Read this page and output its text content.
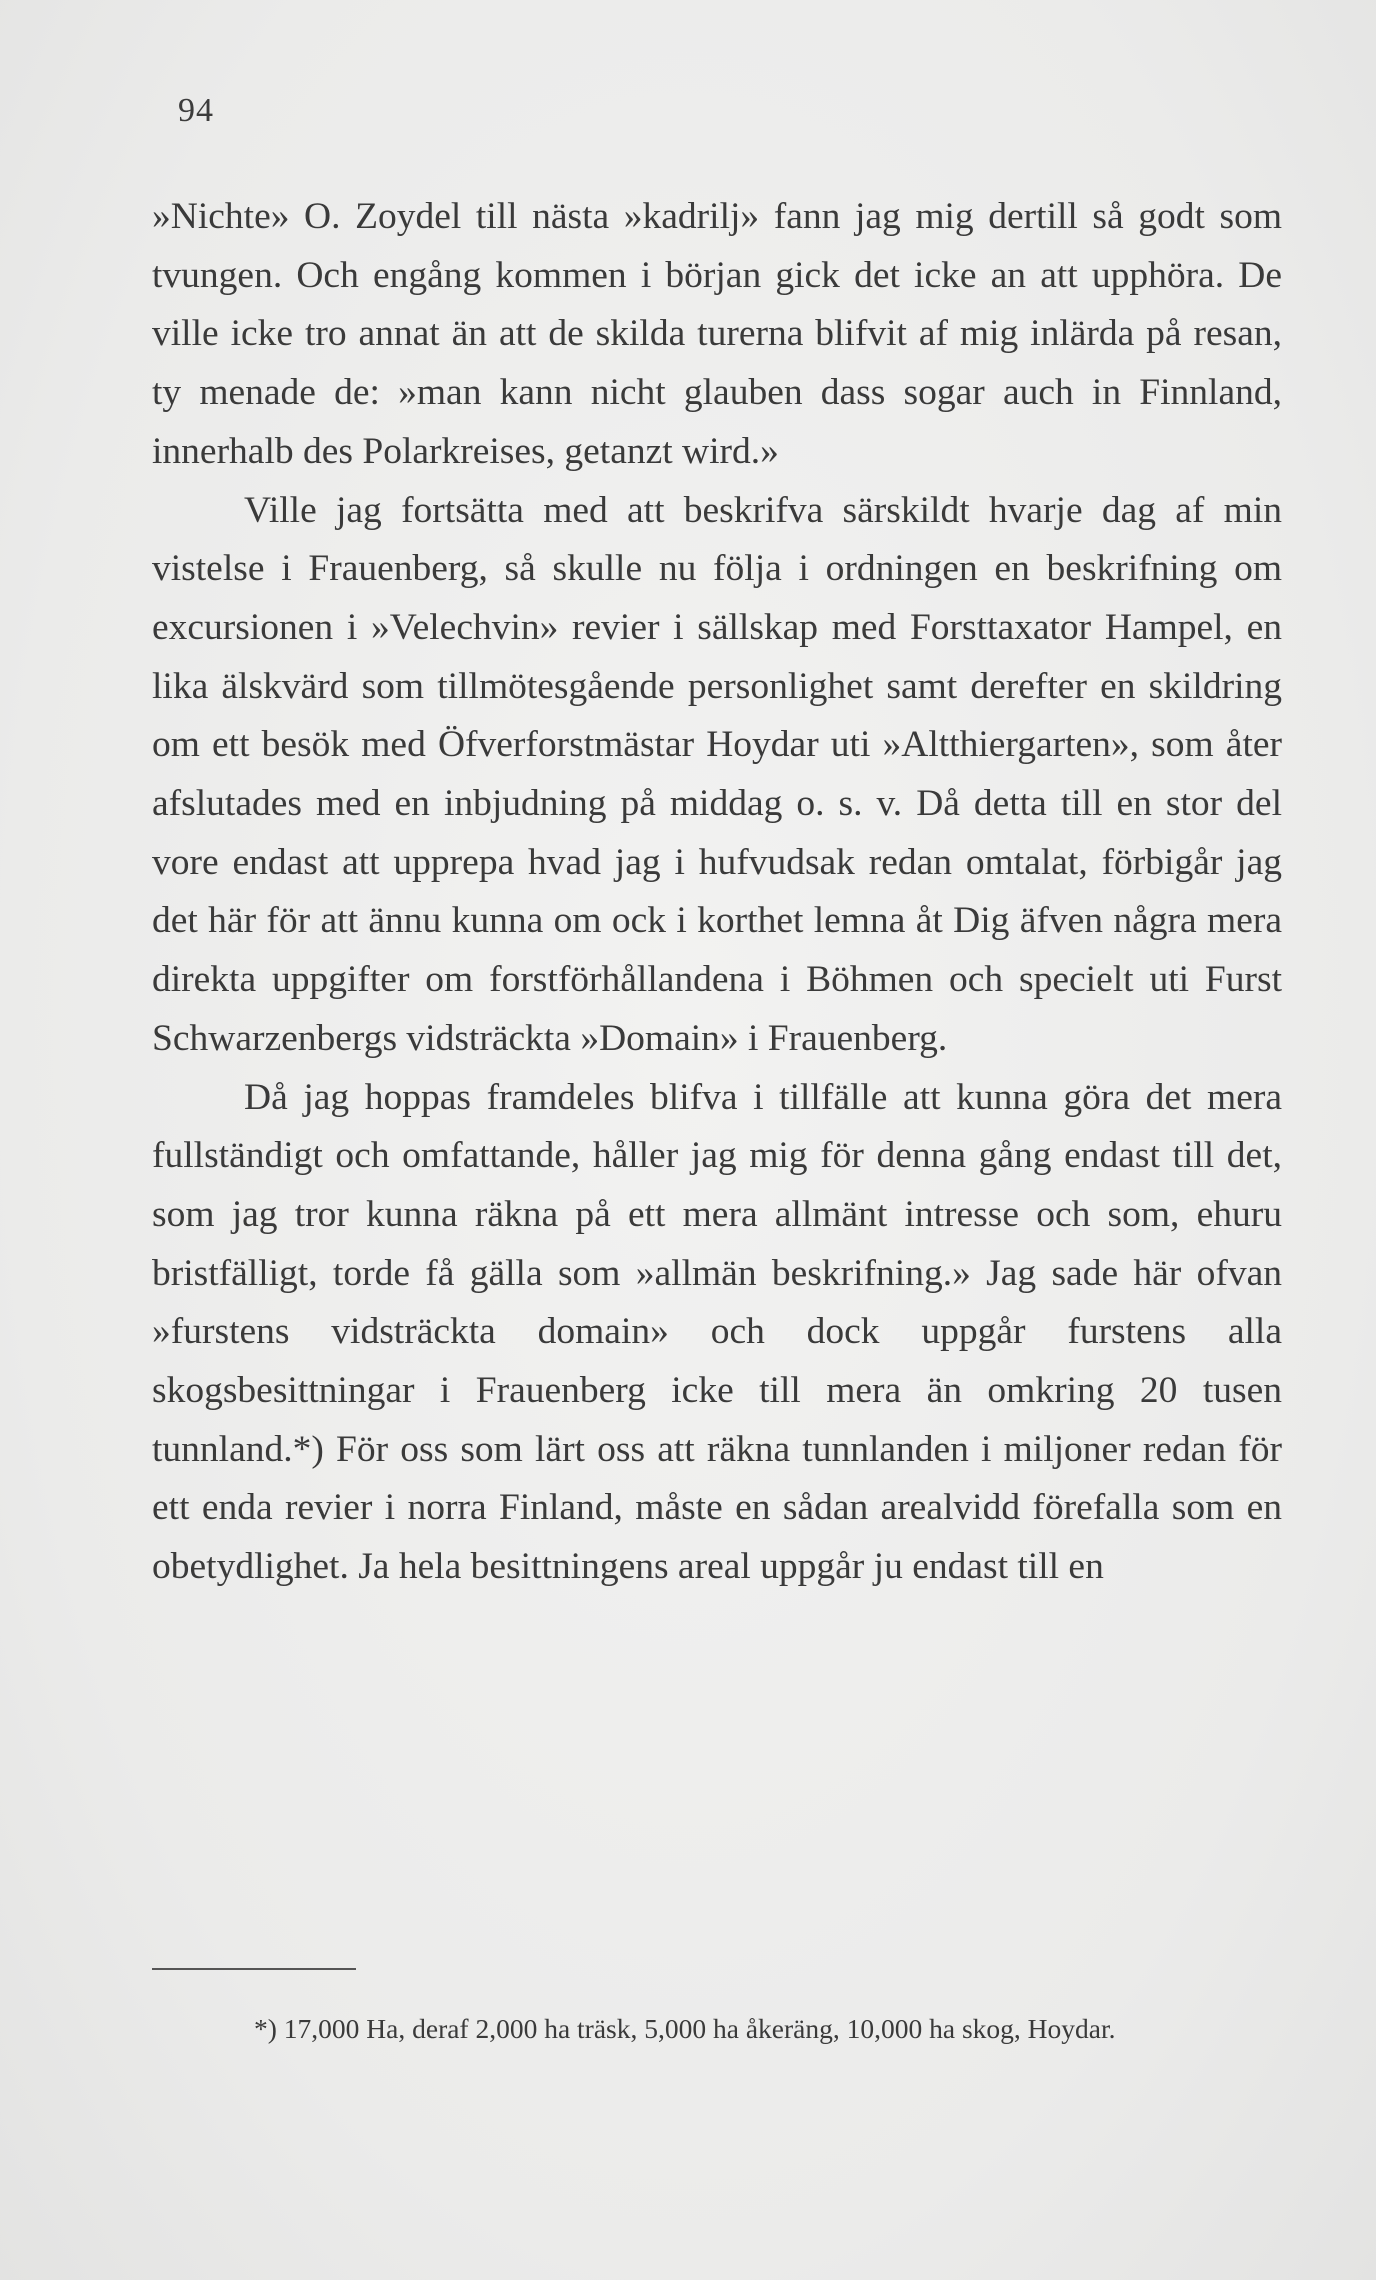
94

»Nichte» O. Zoydel till nästa »kadrilj» fann jag mig dertill så godt som tvungen. Och engång kommen i början gick det icke an att upphöra. De ville icke tro annat än att de skilda turerna blifvit af mig inlärda på resan, ty menade de: »man kann nicht glauben dass sogar auch in Finnland, innerhalb des Polarkreises, getanzt wird.»

Ville jag fortsätta med att beskrifva särskildt hvarje dag af min vistelse i Frauenberg, så skulle nu följa i ordningen en beskrifning om excursionen i »Velechvin» revier i sällskap med Forsttaxator Hampel, en lika älskvärd som tillmötesgående personlighet samt derefter en skildring om ett besök med Öfverforstmästar Hoydar uti »Altthiergarten», som åter afslutades med en inbjudning på middag o. s. v. Då detta till en stor del vore endast att upprepa hvad jag i hufvudsak redan omtalat, förbigår jag det här för att ännu kunna om ock i korthet lemna åt Dig äfven några mera direkta uppgifter om forstförhållandena i Böhmen och specielt uti Furst Schwarzenbergs vidsträckta »Domain» i Frauenberg.

Då jag hoppas framdeles blifva i tillfälle att kunna göra det mera fullständigt och omfattande, håller jag mig för denna gång endast till det, som jag tror kunna räkna på ett mera allmänt intresse och som, ehuru bristfälligt, torde få gälla som »allmän beskrifning.» Jag sade här ofvan »furstens vidsträckta domain» och dock uppgår furstens alla skogsbesittningar i Frauenberg icke till mera än omkring 20 tusen tunnland.*) För oss som lärt oss att räkna tunnlanden i miljoner redan för ett enda revier i norra Finland, måste en sådan arealvidd förefalla som en obetydlighet. Ja hela besittningens areal uppgår ju endast till en

*) 17,000 Ha, deraf 2,000 ha träsk, 5,000 ha åkeräng, 10,000 ha skog, Hoydar.
